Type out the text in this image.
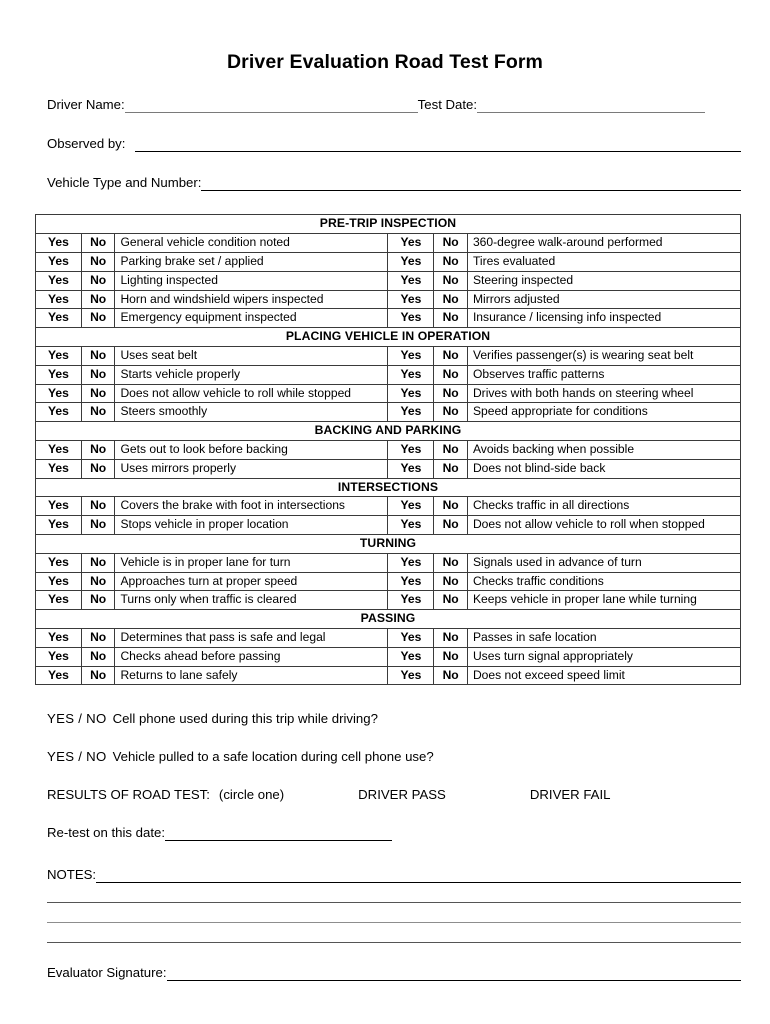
Driver Evaluation Road Test Form
Driver Name:	Test Date:
Observed by:
Vehicle Type and Number:
PRE-TRIP INSPECTION					
Yes	No	General vehicle condition noted	Yes	No	360-degree walk-around performed
Yes	No	Parking brake set / applied	Yes	No	Tires evaluated
Yes	No	Lighting inspected	Yes	No	Steering inspected
Yes	No	Horn and windshield wipers inspected	Yes	No	Mirrors adjusted
Yes	No	Emergency equipment inspected	Yes	No	Insurance / licensing info inspected
PLACING VEHICLE IN OPERATION					
Yes	No	Uses seat belt	Yes	No	Verifies passenger(s) is wearing seat belt
Yes	No	Starts vehicle properly	Yes	No	Observes traffic patterns
Yes	No	Does not allow vehicle to roll while stopped	Yes	No	Drives with both hands on steering wheel
Yes	No	Steers smoothly	Yes	No	Speed appropriate for conditions
BACKING AND PARKING					
Yes	No	Gets out to look before backing	Yes	No	Avoids backing when possible
Yes	No	Uses mirrors properly	Yes	No	Does not blind-side back
INTERSECTIONS					
Yes	No	Covers the brake with foot in intersections	Yes	No	Checks traffic in all directions
Yes	No	Stops vehicle in proper location	Yes	No	Does not allow vehicle to roll when stopped
TURNING					
Yes	No	Vehicle is in proper lane for turn	Yes	No	Signals used in advance of turn
Yes	No	Approaches turn at proper speed	Yes	No	Checks traffic conditions
Yes	No	Turns only when traffic is cleared	Yes	No	Keeps vehicle in proper lane while turning
PASSING					
Yes	No	Determines that pass is safe and legal	Yes	No	Passes in safe location
Yes	No	Checks ahead before passing	Yes	No	Uses turn signal appropriately
Yes	No	Returns to lane safely	Yes	No	Does not exceed speed limit
YES / NO Cell phone used during this trip while driving?
YES / NO Vehicle pulled to a safe location during cell phone use?
RESULTS OF ROAD TEST: (circle one)	DRIVER PASS	DRIVER FAIL
Re-test on this date:
NOTES:
Evaluator Signature:
